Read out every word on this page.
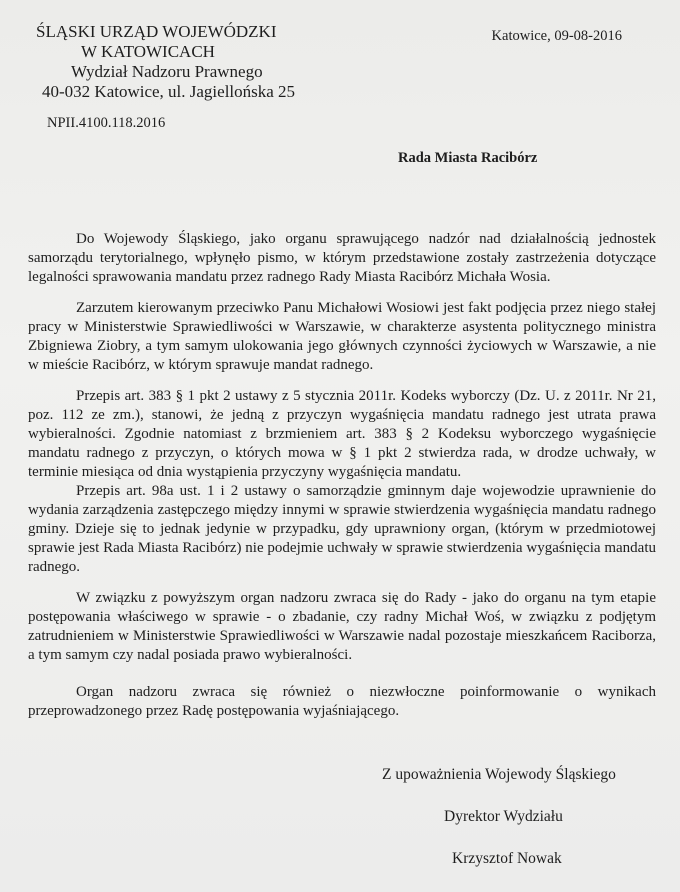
ŚLĄSKI URZĄD WOJEWÓDZKI
W KATOWICACH
Wydział Nadzoru Prawnego
40-032 Katowice, ul. Jagiellońska 25
Katowice, 09-08-2016
NPII.4100.118.2016
Rada Miasta Racibórz

Do Wojewody Śląskiego, jako organu sprawującego nadzór nad działalnością jednostek samorządu terytorialnego, wpłynęło pismo, w którym przedstawione zostały zastrzeżenia dotyczące legalności sprawowania mandatu przez radnego Rady Miasta Racibórz Michała Wosia.

Zarzutem kierowanym przeciwko Panu Michałowi Wosiowi jest fakt podjęcia przez niego stałej pracy w Ministerstwie Sprawiedliwości w Warszawie, w charakterze asystenta politycznego ministra Zbigniewa Ziobry, a tym samym ulokowania jego głównych czynności życiowych w Warszawie, a nie w mieście Racibórz, w którym sprawuje mandat radnego.

Przepis art. 383 § 1 pkt 2 ustawy z 5 stycznia 2011r. Kodeks wyborczy (Dz. U. z 2011r. Nr 21, poz. 112 ze zm.), stanowi, że jedną z przyczyn wygaśnięcia mandatu radnego jest utrata prawa wybieralności. Zgodnie natomiast z brzmieniem art. 383 § 2 Kodeksu wyborczego wygaśnięcie mandatu radnego z przyczyn, o których mowa w § 1 pkt 2 stwierdza rada, w drodze uchwały, w terminie miesiąca od dnia wystąpienia przyczyny wygaśnięcia mandatu.

Przepis art. 98a ust. 1 i 2 ustawy o samorządzie gminnym daje wojewodzie uprawnienie do wydania zarządzenia zastępczego między innymi w sprawie stwierdzenia wygaśnięcia mandatu radnego gminy. Dzieje się to jednak jedynie w przypadku, gdy uprawniony organ, (którym w przedmiotowej sprawie jest Rada Miasta Racibórz) nie podejmie uchwały w sprawie stwierdzenia wygaśnięcia mandatu radnego.

W związku z powyższym organ nadzoru zwraca się do Rady - jako do organu na tym etapie postępowania właściwego w sprawie - o zbadanie, czy radny Michał Woś, w związku z podjętym zatrudnieniem w Ministerstwie Sprawiedliwości w Warszawie nadal pozostaje mieszkańcem Raciborza, a tym samym czy nadal posiada prawo wybieralności.

Organ nadzoru zwraca się również o niezwłoczne poinformowanie o wynikach przeprowadzonego przez Radę postępowania wyjaśniającego.

Z upoważnienia Wojewody Śląskiego
Dyrektor Wydziału
Krzysztof Nowak
